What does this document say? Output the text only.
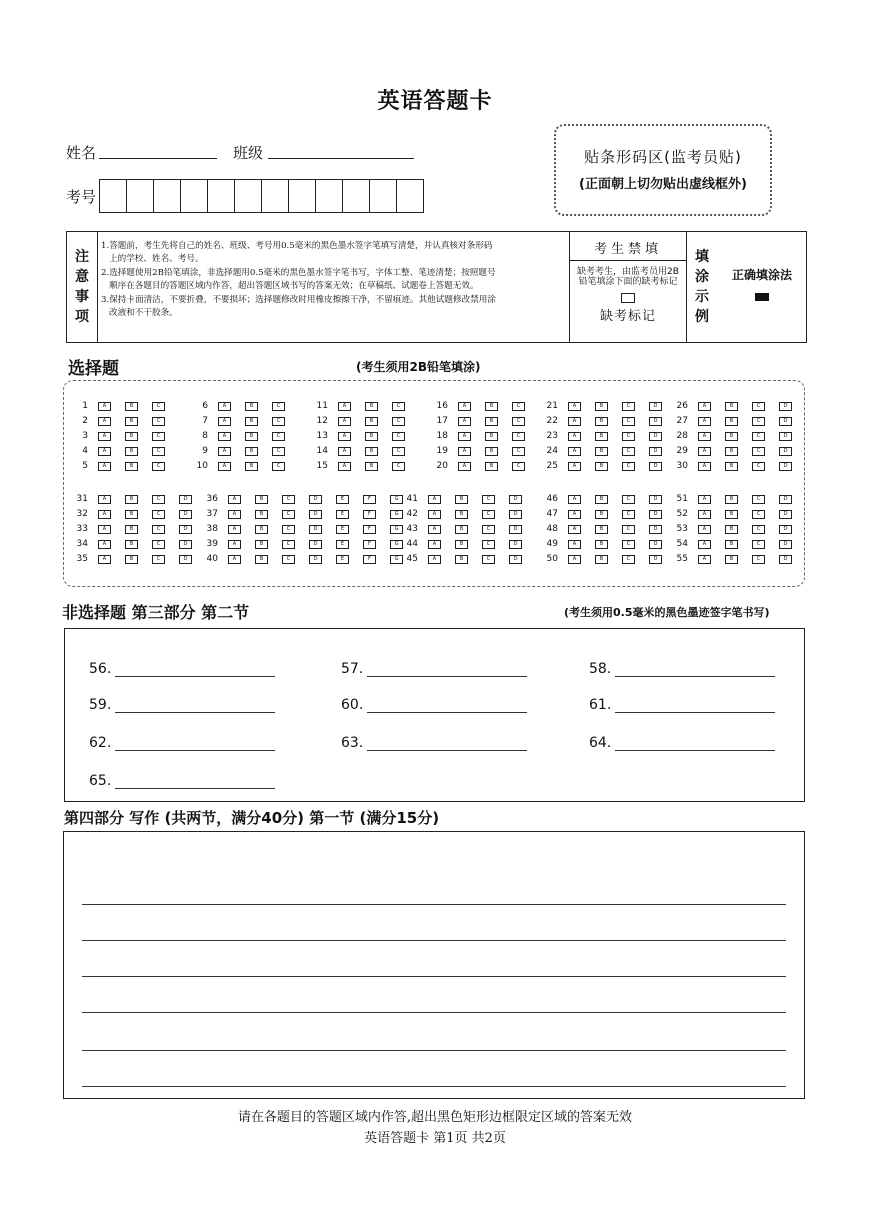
英语答题卡
姓名	班级
考号
贴条形码区(监考员贴)
(正面朝上切勿贴出虚线框外)
注
意
事
项
1.答题前，考生先将自己的姓名、班级、考号用0.5毫米的黑色墨水签字笔填写清楚，并认真核对条形码
上的学校、姓名、考号。
2.选择题使用2B铅笔填涂，非选择题用0.5毫米的黑色墨水签字笔书写，字体工整、笔迹清楚；按照题号
顺序在各题目的答题区域内作答，超出答题区域书写的答案无效；在草稿纸、试题卷上答题无效。
3.保持卡面清洁，不要折叠，不要损坏；选择题修改时用橡皮擦擦干净，不留痕迹。其他试题修改禁用涂
改液和不干胶条。
考生禁填
缺考考生，由监考员用2B铅笔填涂下面的缺考标记
缺考标记
填
涂
示
例
正确填涂法
选择题	(考生须用2B铅笔填涂)
1	A	B	C
2	A	B	C
3	A	B	C
4	A	B	C
5	A	B	C
6	A	B	C
7	A	B	C
8	A	B	C
9	A	B	C
10	A	B	C
11	A	B	C
12	A	B	C
13	A	B	C
14	A	B	C
15	A	B	C
16	A	B	C
17	A	B	C
18	A	B	C
19	A	B	C
20	A	B	C
21	A	B	C	D
22	A	B	C	D
23	A	B	C	D
24	A	B	C	D
25	A	B	C	D
26	A	B	C	D
27	A	B	C	D
28	A	B	C	D
29	A	B	C	D
30	A	B	C	D
31	A	B	C	D
32	A	B	C	D
33	A	B	C	D
34	A	B	C	D
35	A	B	C	D
36	A	B	C	D	E	F	G
37	A	B	C	D	E	F	G
38	A	B	C	D	E	F	G
39	A	B	C	D	E	F	G
40	A	B	C	D	E	F	G
41	A	B	C	D
42	A	B	C	D
43	A	B	C	D
44	A	B	C	D
45	A	B	C	D
46	A	B	C	D
47	A	B	C	D
48	A	B	C	D
49	A	B	C	D
50	A	B	C	D
51	A	B	C	D
52	A	B	C	D
53	A	B	C	D
54	A	B	C	D
55	A	B	C	D
非选择题 第三部分 第二节	(考生须用0.5毫米的黑色墨迹签字笔书写)
56.	57.	58.
59.	60.	61.
62.	63.	64.
65.
第四部分 写作 (共两节，满分40分) 第一节 (满分15分)
请在各题目的答题区域内作答,超出黑色矩形边框限定区域的答案无效
英语答题卡 第1页 共2页
